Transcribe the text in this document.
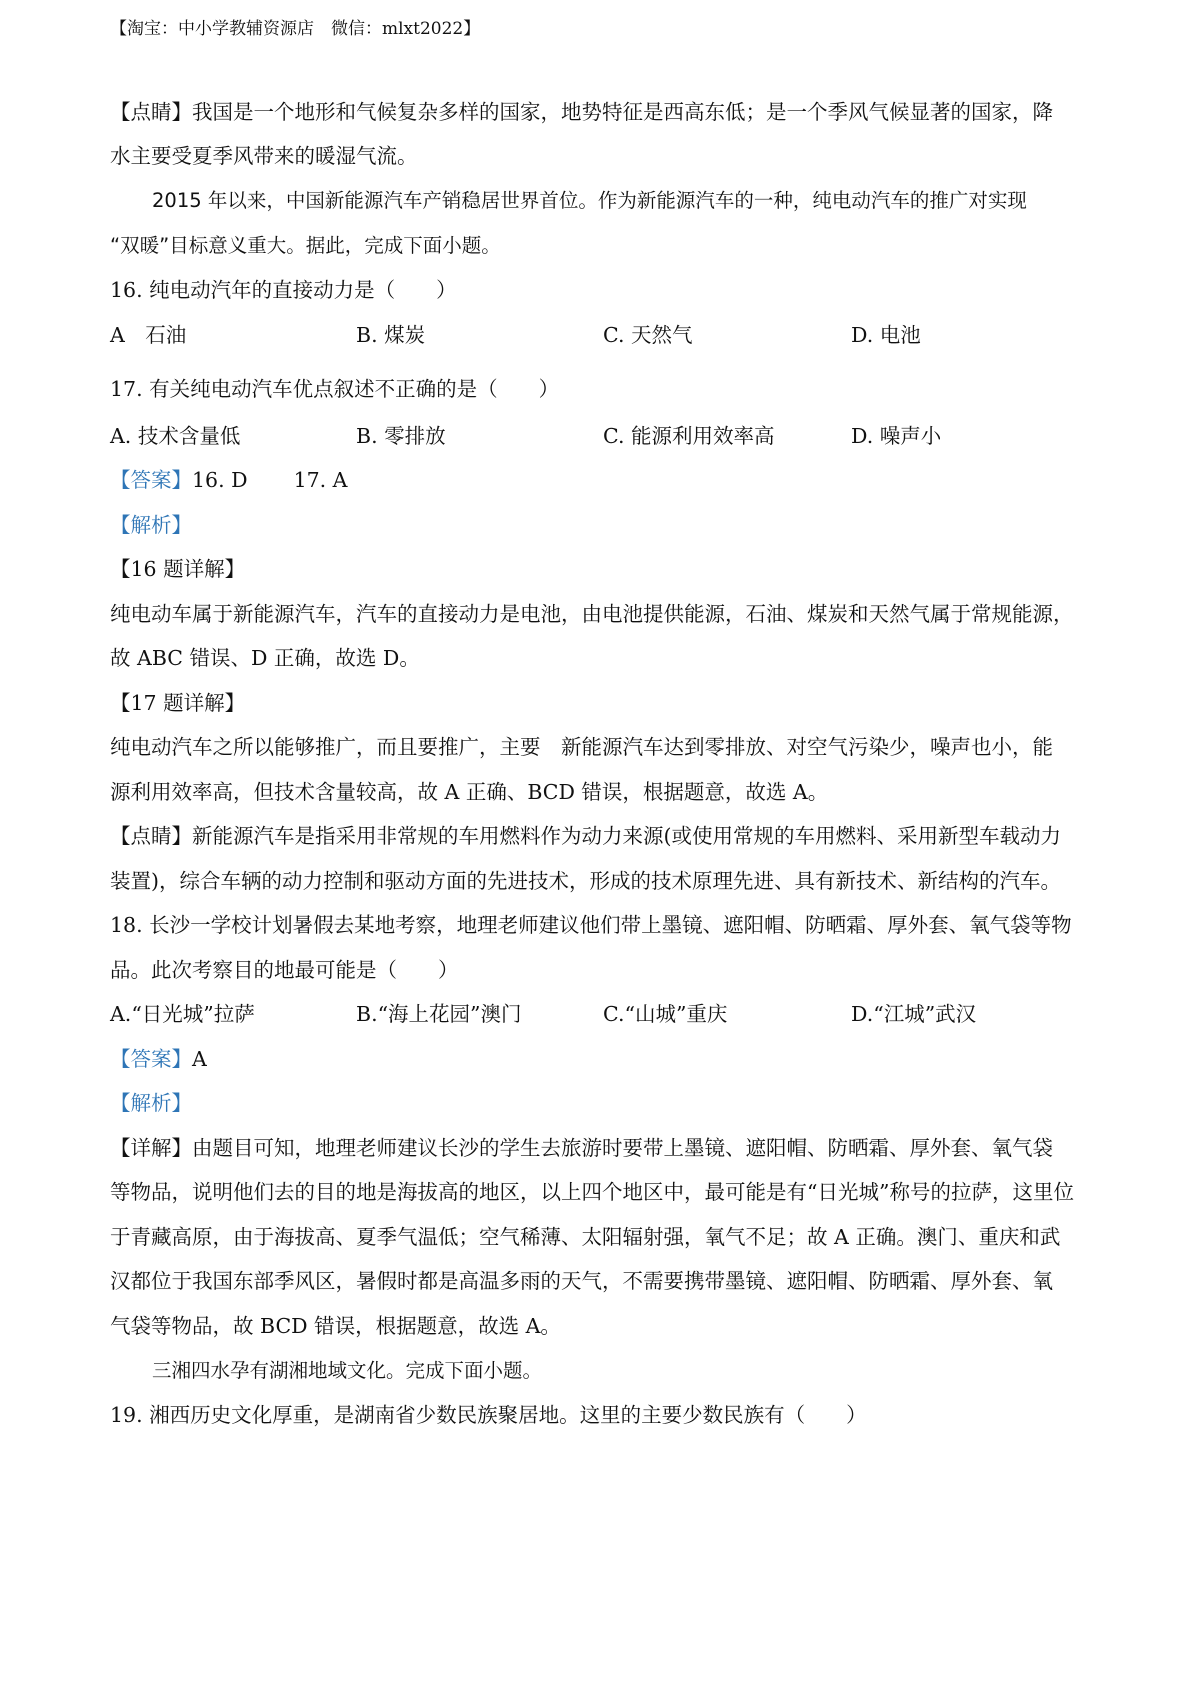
【淘宝：中小学教辅资源店　微信：mlxt2022】
【点睛】我国是一个地形和气候复杂多样的国家，地势特征是西高东低；是一个季风气候显著的国家，降
水主要受夏季风带来的暖湿气流。
2015 年以来，中国新能源汽车产销稳居世界首位。作为新能源汽车的一种，纯电动汽车的推广对实现
“双暖”目标意义重大。据此，完成下面小题。
16. 纯电动汽年的直接动力是（　　）
A　石油	B. 煤炭	C. 天然气	D. 电池
17. 有关纯电动汽车优点叙述不正确的是（　　）
A. 技术含量低	B. 零排放	C. 能源利用效率高	D. 噪声小
【答案】16. D 17. A
【解析】
【16 题详解】
纯电动车属于新能源汽车，汽车的直接动力是电池，由电池提供能源，石油、煤炭和天然气属于常规能源，
故 ABC 错误、D 正确，故选 D。
【17 题详解】
纯电动汽车之所以能够推广，而且要推广，主要　新能源汽车达到零排放、对空气污染少，噪声也小，能
源利用效率高，但技术含量较高，故 A 正确、BCD 错误，根据题意，故选 A。
【点睛】新能源汽车是指采用非常规的车用燃料作为动力来源(或使用常规的车用燃料、采用新型车载动力
装置)，综合车辆的动力控制和驱动方面的先进技术，形成的技术原理先进、具有新技术、新结构的汽车。
18. 长沙一学校计划暑假去某地考察，地理老师建议他们带上墨镜、遮阳帽、防晒霜、厚外套、氧气袋等物
品。此次考察目的地最可能是（　　）
A.“日光城”拉萨	B.“海上花园”澳门	C.“山城”重庆	D.“江城”武汉
【答案】A
【解析】
【详解】由题目可知，地理老师建议长沙的学生去旅游时要带上墨镜、遮阳帽、防晒霜、厚外套、氧气袋
等物品，说明他们去的目的地是海拔高的地区，以上四个地区中，最可能是有“日光城”称号的拉萨，这里位
于青藏高原，由于海拔高、夏季气温低；空气稀薄、太阳辐射强，氧气不足；故 A 正确。澳门、重庆和武
汉都位于我国东部季风区，暑假时都是高温多雨的天气，不需要携带墨镜、遮阳帽、防晒霜、厚外套、氧
气袋等物品，故 BCD 错误，根据题意，故选 A。
三湘四水孕有湖湘地域文化。完成下面小题。
19. 湘西历史文化厚重，是湖南省少数民族聚居地。这里的主要少数民族有（　　）
